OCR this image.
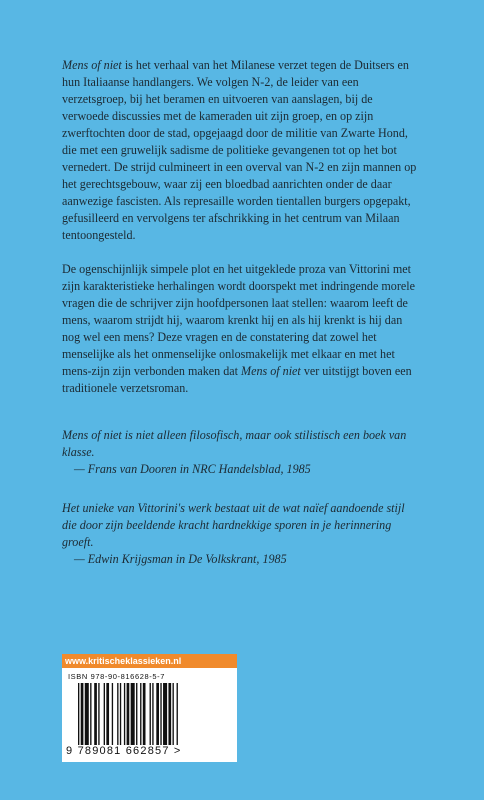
Mens of niet is het verhaal van het Milanese verzet tegen de Duitsers en hun Italiaanse handlangers. We volgen N-2, de leider van een verzetsgroep, bij het beramen en uitvoeren van aanslagen, bij de verwoede discussies met de kameraden uit zijn groep, en op zijn zwerftochten door de stad, opgejaagd door de militie van Zwarte Hond, die met een gruwelijk sadisme de politieke gevangenen tot op het bot vernedert. De strijd culmineert in een overval van N-2 en zijn mannen op het gerechtsgebouw, waar zij een bloedbad aanrichten onder de daar aanwezige fascisten. Als represaille worden tientallen burgers opgepakt, gefusilleerd en vervolgens ter afschrikking in het centrum van Milaan tentoongesteld.

De ogenschijnlijk simpele plot en het uitgeklede proza van Vittorini met zijn karakteristieke herhalingen wordt doorspekt met indringende morele vragen die de schrijver zijn hoofdpersonen laat stellen: waarom leeft de mens, waarom strijdt hij, waarom krenkt hij en als hij krenkt is hij dan nog wel een mens? Deze vragen en de constatering dat zowel het menselijke als het onmenselijke onlosmakelijk met elkaar en met het mens-zijn zijn verbonden maken dat Mens of niet ver uitstijgt boven een traditionele verzetsroman.

Mens of niet is niet alleen filosofisch, maar ook stilistisch een boek van klasse.

— Frans van Dooren in NRC Handelsblad, 1985

Het unieke van Vittorini's werk bestaat uit de wat naïef aandoende stijl die door zijn beeldende kracht hardnekkige sporen in je herinnering groeft.

— Edwin Krijgsman in De Volkskrant, 1985

www.kritischeklassieken.nl
ISBN 978-90-816628-5-7
9 789081 662857 >
